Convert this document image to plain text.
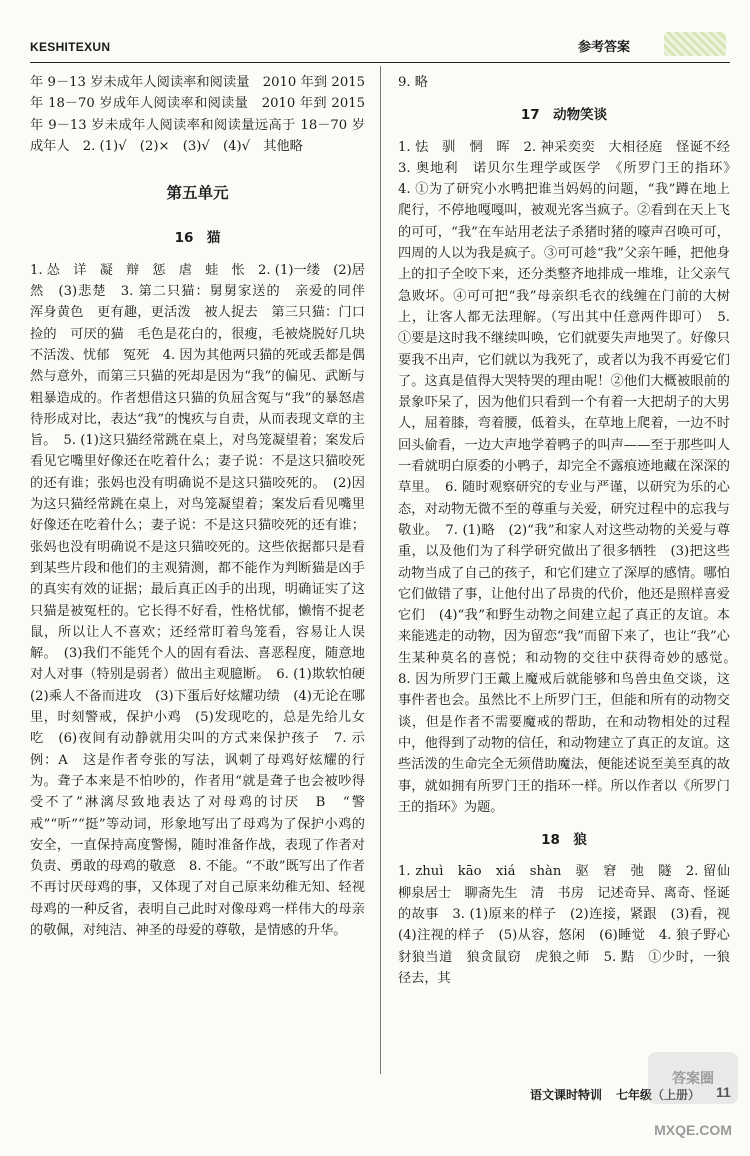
KESHITEXUN	参考答案

年 9－13 岁未成年人阅读率和阅读量　2010 年到 2015 年 18－70 岁成年人阅读率和阅读量　2010 年到 2015 年 9－13 岁未成年人阅读率和阅读量远高于 18－70 岁成年人　2. (1)√　(2)×　(3)√　(4)√　其他略

第五单元
16　猫

1. 怂　详　凝　辩　惩　虐　蛙　怅　2. (1)一缕　(2)居然　(3)悲楚　3. 第二只猫：舅舅家送的　亲爱的同伴　浑身黄色　更有趣，更活泼　被人捉去　第三只猫：门口捡的　可厌的猫　毛色是花白的，很瘦，毛被烧脱好几块　不活泼、忧郁　冤死　4. 因为其他两只猫的死或丢都是偶然与意外，而第三只猫的死却是因为“我”的偏见、武断与粗暴造成的。作者想借这只猫的负屈含冤与“我”的暴怒虐待形成对比，表达“我”的愧疚与自责，从而表现文章的主旨。　5. (1)这只猫经常跳在桌上，对鸟笼凝望着；案发后看见它嘴里好像还在吃着什么；妻子说：不是这只猫咬死的还有谁；张妈也没有明确说不是这只猫咬死的。　(2)因为这只猫经常跳在桌上，对鸟笼凝望着；案发后看见嘴里好像还在吃着什么；妻子说：不是这只猫咬死的还有谁；张妈也没有明确说不是这只猫咬死的。这些依据都只是看到某些片段和他们的主观猜测，都不能作为判断猫是凶手的真实有效的证据；最后真正凶手的出现，明确证实了这只猫是被冤枉的。它长得不好看，性格忧郁，懒惰不捉老鼠，所以让人不喜欢；还经常盯着鸟笼看，容易让人误解。　(3)我们不能凭个人的固有看法、喜恶程度，随意地对人对事（特别是弱者）做出主观臆断。　6. (1)欺软怕硬　(2)乘人不备而进攻　(3)下蛋后好炫耀功绩　(4)无论在哪里，时刻警戒，保护小鸡　(5)发现吃的，总是先给儿女吃　(6)夜间有动静就用尖叫的方式来保护孩子　7. 示例：A　这是作者夸张的写法，讽刺了母鸡好炫耀的行为。聋子本来是不怕吵的，作者用“就是聋子也会被吵得受不了”淋漓尽致地表达了对母鸡的讨厌　B　“警戒”“听”“挺”等动词，形象地写出了母鸡为了保护小鸡的安全，一直保持高度警惕，随时准备作战，表现了作者对负责、勇敢的母鸡的敬意　8. 不能。“不敢”既写出了作者不再讨厌母鸡的事，又体现了对自己原来幼稚无知、轻视母鸡的一种反省，表明自己此时对像母鸡一样伟大的母亲的敬佩，对纯洁、神圣的母爱的尊敬，是情感的升华。

9. 略

17　动物笑谈

1. 怯　驯　惘　晖　2. 神采奕奕　大相径庭　怪诞不经　3. 奥地利　诺贝尔生理学或医学　《所罗门王的指环》　4. ①为了研究小水鸭把谁当妈妈的问题，“我”蹲在地上爬行，不停地嘎嘎叫，被观光客当疯子。②看到在天上飞的可可，“我”在车站用老法子杀猪时猪的嚎声召唤可可，四周的人以为我是疯子。③可可趁“我”父亲午睡，把他身上的扣子全咬下来，还分类整齐地排成一堆堆，让父亲气急败坏。④可可把“我”母亲织毛衣的线缠在门前的大树上，让客人都无法理解。（写出其中任意两件即可）　5. ①要是这时我不继续叫唤，它们就要失声地哭了。好像只要我不出声，它们就以为我死了，或者以为我不再爱它们了。这真是值得大哭特哭的理由呢！②他们大概被眼前的景象吓呆了，因为他们只看到一个有着一大把胡子的大男人，屈着膝，弯着腰，低着头，在草地上爬着，一边不时回头偷看，一边大声地学着鸭子的叫声——至于那些叫人一看就明白原委的小鸭子，却完全不露痕迹地藏在深深的草里。　6. 随时观察研究的专业与严谨，以研究为乐的心态，对动物无微不至的尊重与关爱，研究过程中的忘我与敬业。　7. (1)略　(2)“我”和家人对这些动物的关爱与尊重，以及他们为了科学研究做出了很多牺牲　(3)把这些动物当成了自己的孩子，和它们建立了深厚的感情。哪怕它们做错了事，让他付出了昂贵的代价，他还是照样喜爱它们　(4)“我”和野生动物之间建立起了真正的友谊。本来能逃走的动物，因为留恋“我”而留下来了，也让“我”心生某种莫名的喜悦；和动物的交往中获得奇妙的感觉。　8. 因为所罗门王戴上魔戒后就能够和鸟兽虫鱼交谈，这事件者也会。虽然比不上所罗门王，但能和所有的动物交谈，但是作者不需要魔戒的帮助，在和动物相处的过程中，他得到了动物的信任，和动物建立了真正的友谊。这些活泼的生命完全无须借助魔法，便能述说至美至真的故事，就如拥有所罗门王的指环一样。所以作者以《所罗门王的指环》为题。

18　狼

1. zhuì　kāo　xiá　shàn　驱　窘　弛　隧　2. 留仙　柳泉居士　聊斋先生　清　书房　记述奇异、离奇、怪诞的故事　3. (1)原来的样子　(2)连接，紧跟　(3)看，视　(4)注视的样子　(5)从容，悠闲　(6)睡觉　4. 狼子野心　豺狼当道　狼贪鼠窃　虎狼之师　5. 黠　①少时，一狼径去，其

语文课时特训 七年级（上册） 11
答案圈 MXQE.COM
